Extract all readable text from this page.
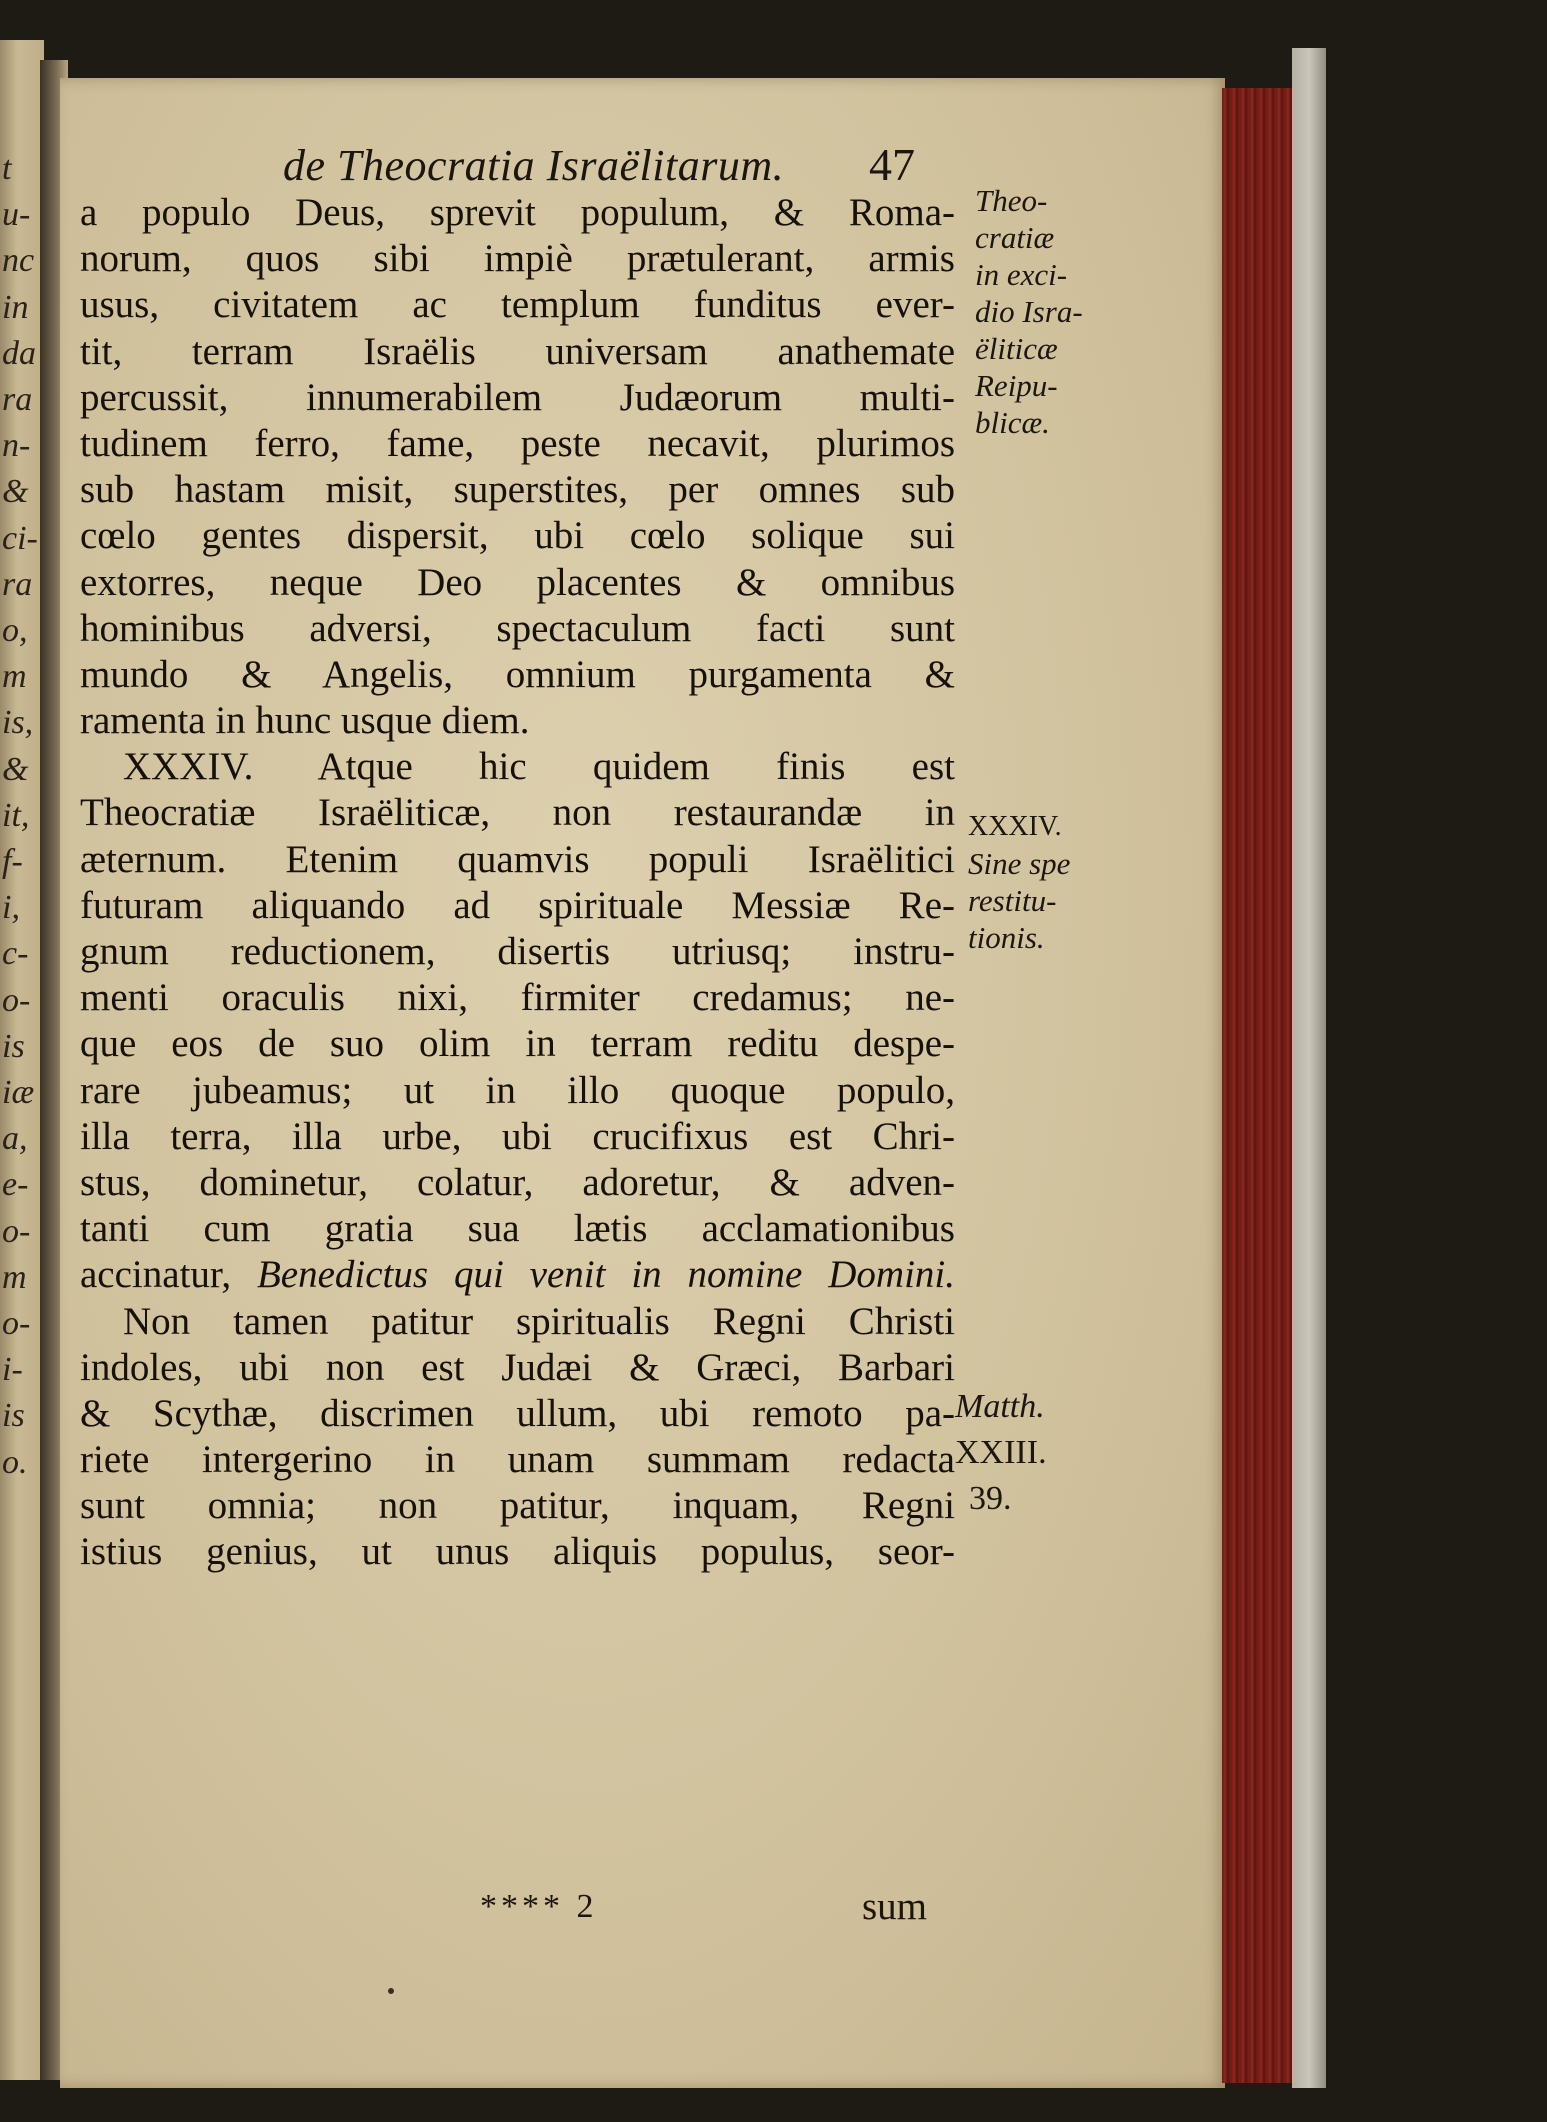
t
u-
nc
in
da
ra
n-
&
ci-
ra
o,
m
is,
&
it,
f-
i,
c-
o-
is
iæ
a,
e-
o-
m
o-
i-
is
o.
de Theocratia Israëlitarum. 47
a populo Deus, sprevit populum, & Roma-
norum, quos sibi impiè prætulerant, armis
usus, civitatem ac templum funditus ever-
tit, terram Israëlis universam anathemate
percussit, innumerabilem Judæorum multi-
tudinem ferro, fame, peste necavit, plurimos
sub hastam misit, superstites, per omnes sub
cœlo gentes dispersit, ubi cœlo solique sui
extorres, neque Deo placentes & omnibus
hominibus adversi, spectaculum facti sunt
mundo & Angelis, omnium purgamenta &
ramenta in hunc usque diem.
XXXIV. Atque hic quidem finis est
Theocratiæ Israëliticæ, non restaurandæ in
æternum. Etenim quamvis populi Israëlitici
futuram aliquando ad spirituale Messiæ Re-
gnum reductionem, disertis utriusq; instru-
menti oraculis nixi, firmiter credamus; ne-
que eos de suo olim in terram reditu despe-
rare jubeamus; ut in illo quoque populo,
illa terra, illa urbe, ubi crucifixus est Chri-
stus, dominetur, colatur, adoretur, & adven-
tanti cum gratia sua lætis acclamationibus
accinatur, Benedictus qui venit in nomine Domini.
Non tamen patitur spiritualis Regni Christi
indoles, ubi non est Judæi & Græci, Barbari
& Scythæ, discrimen ullum, ubi remoto pa-
riete intergerino in unam summam redacta
sunt omnia; non patitur, inquam, Regni
istius genius, ut unus aliquis populus, seor-
Theo-
cratiæ
in exci-
dio Isra-
ëliticæ
Reipu-
blicæ.
XXXIV.
Sine spe
restitu-
tionis.
Matth.
XXIII.
39.
**** 2	sum
